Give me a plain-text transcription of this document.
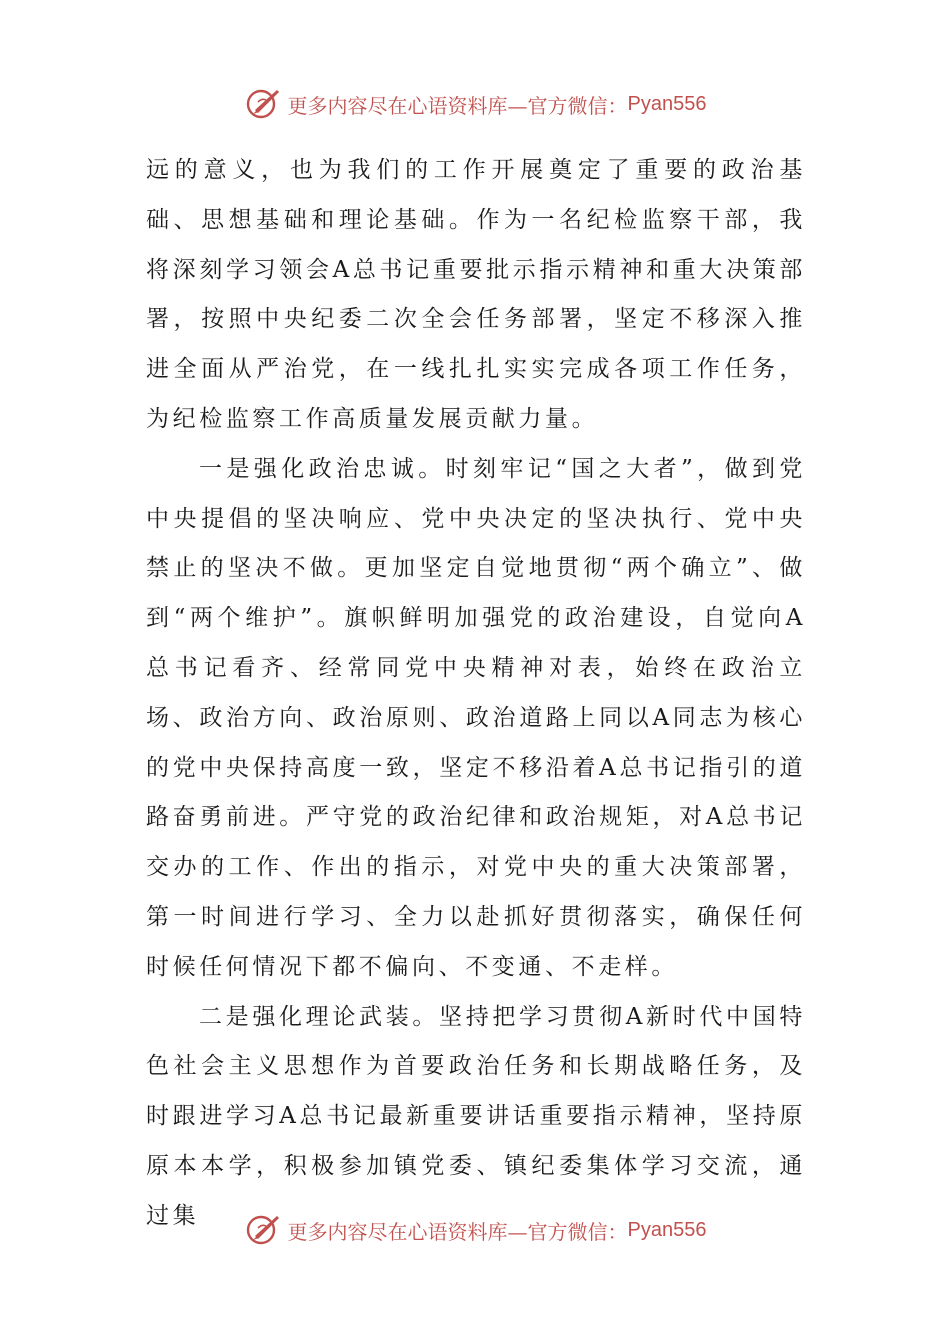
更多内容尽在心语资料库—官方微信： Pyan556

远的意义，也为我们的工作开展奠定了重要的政治基础、思想基础和理论基础。作为一名纪检监察干部，我将深刻学习领会A总书记重要批示指示精神和重大决策部署，按照中央纪委二次全会任务部署，坚定不移深入推进全面从严治党，在一线扎扎实实完成各项工作任务，为纪检监察工作高质量发展贡献力量。

一是强化政治忠诚。时刻牢记“国之大者”，做到党中央提倡的坚决响应、党中央决定的坚决执行、党中央禁止的坚决不做。更加坚定自觉地贯彻“两个确立”、做到“两个维护”。旗帜鲜明加强党的政治建设，自觉向A总书记看齐、经常同党中央精神对表，始终在政治立场、政治方向、政治原则、政治道路上同以A同志为核心的党中央保持高度一致，坚定不移沿着A总书记指引的道路奋勇前进。严守党的政治纪律和政治规矩，对A总书记交办的工作、作出的指示，对党中央的重大决策部署，第一时间进行学习、全力以赴抓好贯彻落实，确保任何时候任何情况下都不偏向、不变通、不走样。

二是强化理论武装。坚持把学习贯彻A新时代中国特色社会主义思想作为首要政治任务和长期战略任务，及时跟进学习A总书记最新重要讲话重要指示精神，坚持原原本本学，积极参加镇党委、镇纪委集体学习交流，通过集

更多内容尽在心语资料库—官方微信： Pyan556
